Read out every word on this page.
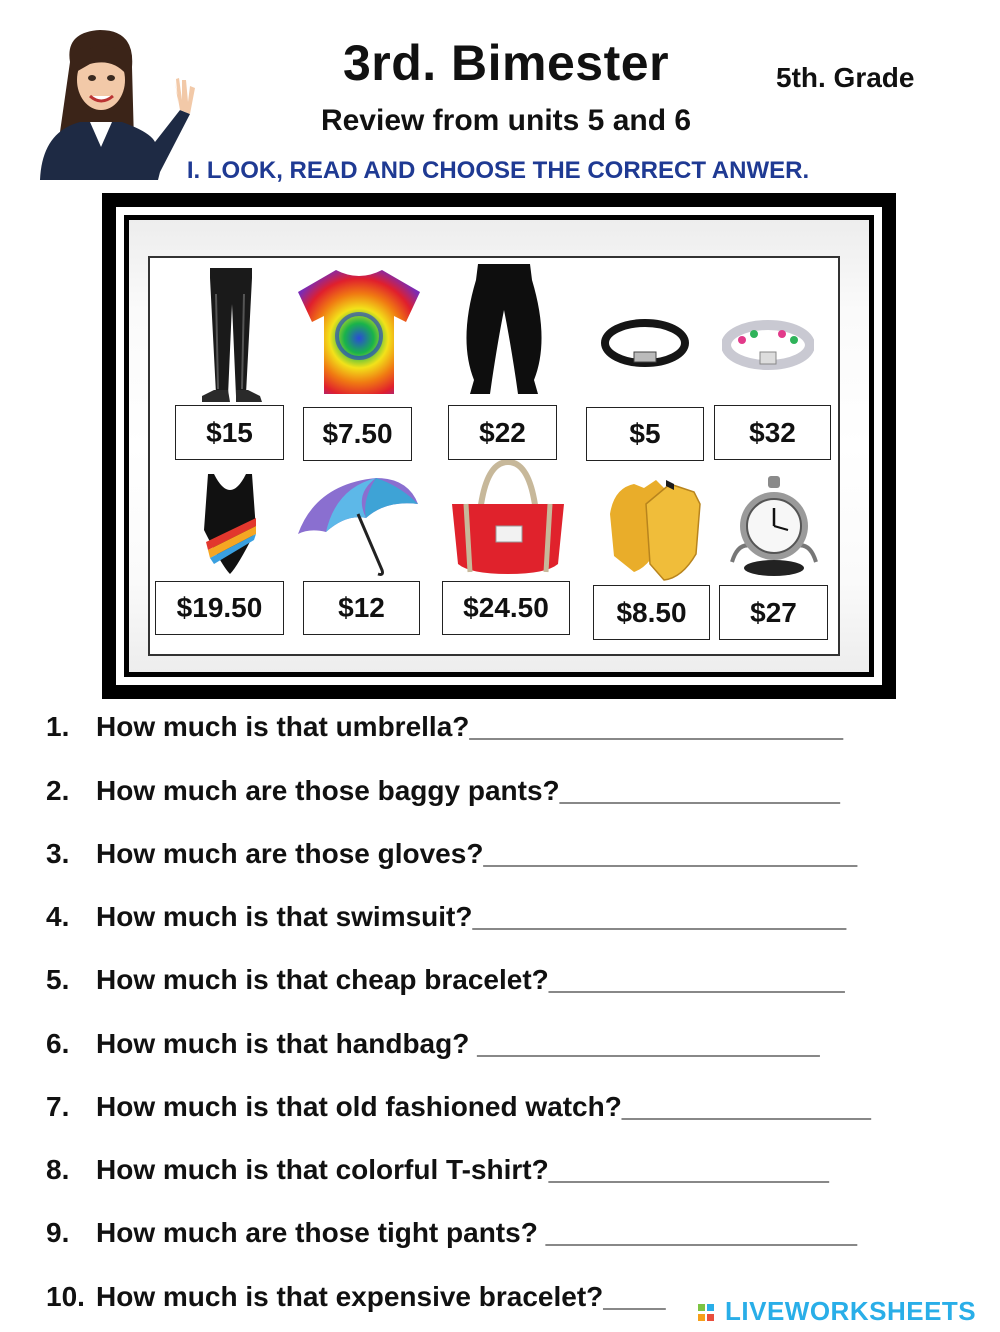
3rd. Bimester	5th. Grade
Review from units 5 and 6
I. LOOK, READ AND CHOOSE THE CORRECT ANWER.
$15	$7.50	$22	$5	$32
$19.50	$12	$24.50	$8.50	$27
1. How much is that umbrella?________________________
2. How much are those baggy pants?__________________
3. How much are those gloves?________________________
4. How much is that swimsuit?________________________
5. How much is that cheap bracelet?___________________
6. How much is that handbag? ______________________
7. How much is that old fashioned watch?________________
8. How much is that colorful T-shirt?__________________
9. How much are those tight pants? ____________________
10. How much is that expensive bracelet?____	LIVEWORKSHEETS
